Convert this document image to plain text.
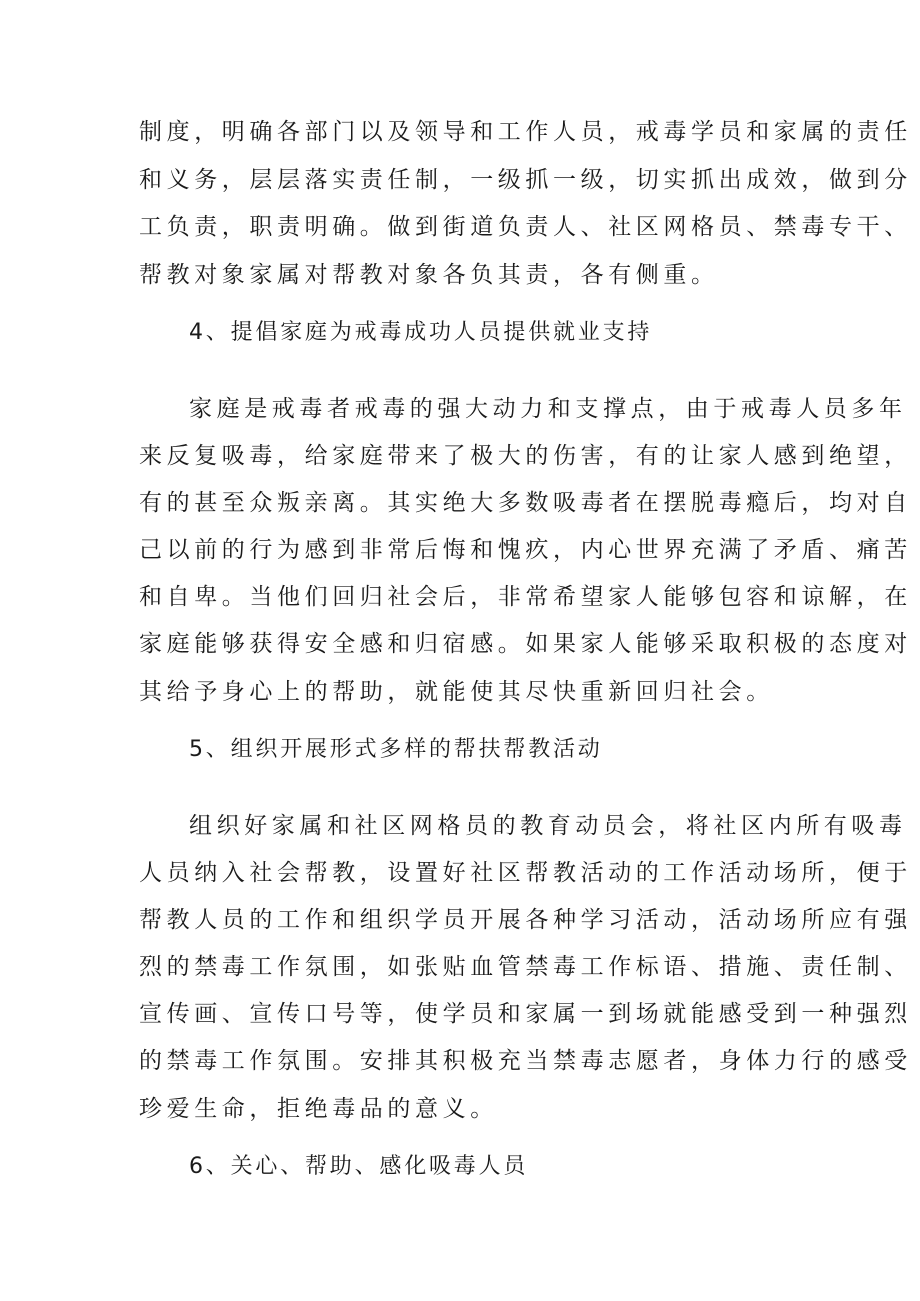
制度，明确各部门以及领导和工作人员，戒毒学员和家属的责任
和义务，层层落实责任制，一级抓一级，切实抓出成效，做到分
工负责，职责明确。做到街道负责人、社区网格员、禁毒专干、
帮教对象家属对帮教对象各负其责，各有侧重。
4、提倡家庭为戒毒成功人员提供就业支持
家庭是戒毒者戒毒的强大动力和支撑点，由于戒毒人员多年
来反复吸毒，给家庭带来了极大的伤害，有的让家人感到绝望，
有的甚至众叛亲离。其实绝大多数吸毒者在摆脱毒瘾后，均对自
己以前的行为感到非常后悔和愧疚，内心世界充满了矛盾、痛苦
和自卑。当他们回归社会后，非常希望家人能够包容和谅解，在
家庭能够获得安全感和归宿感。如果家人能够采取积极的态度对
其给予身心上的帮助，就能使其尽快重新回归社会。
5、组织开展形式多样的帮扶帮教活动
组织好家属和社区网格员的教育动员会，将社区内所有吸毒
人员纳入社会帮教，设置好社区帮教活动的工作活动场所，便于
帮教人员的工作和组织学员开展各种学习活动，活动场所应有强
烈的禁毒工作氛围，如张贴血管禁毒工作标语、措施、责任制、
宣传画、宣传口号等，使学员和家属一到场就能感受到一种强烈
的禁毒工作氛围。安排其积极充当禁毒志愿者，身体力行的感受
珍爱生命，拒绝毒品的意义。
6、关心、帮助、感化吸毒人员
